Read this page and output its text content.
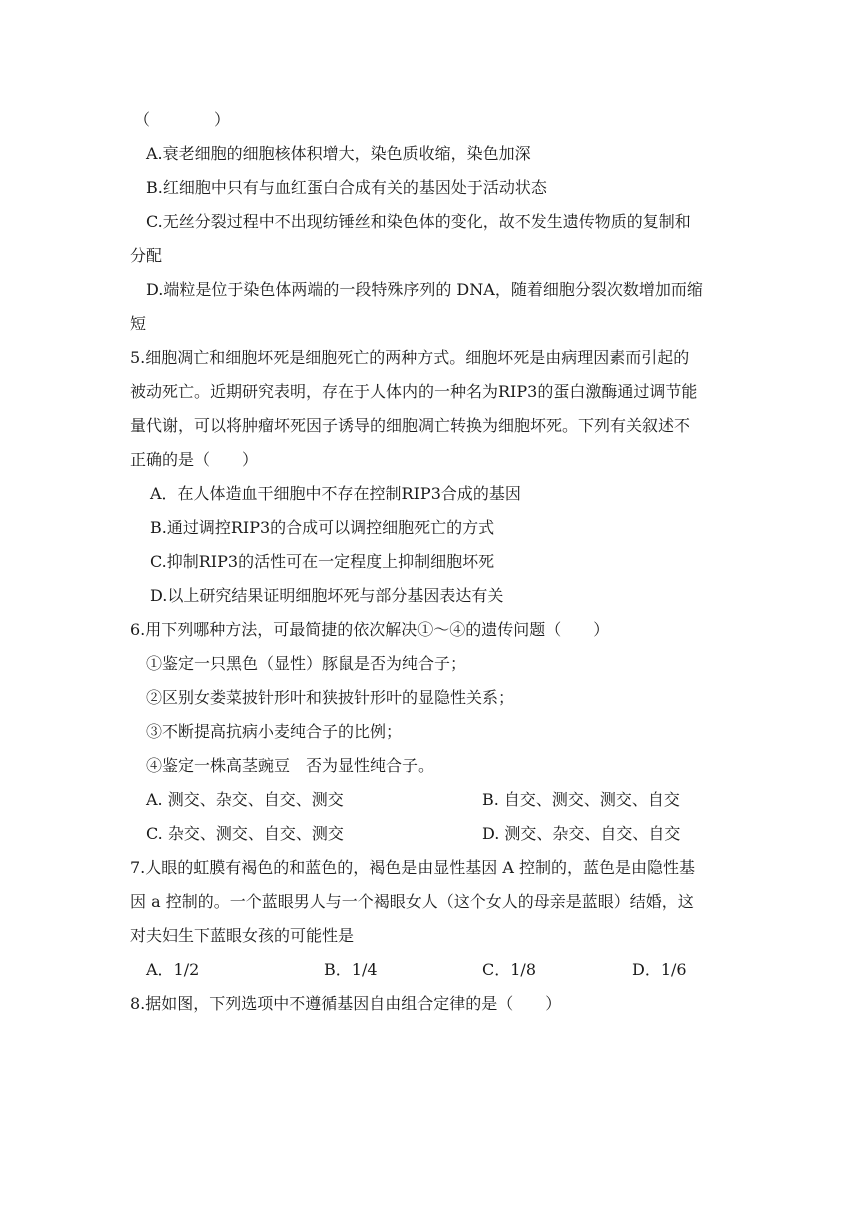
（　　　　）
A.衰老细胞的细胞核体积增大，染色质收缩，染色加深
B.红细胞中只有与血红蛋白合成有关的基因处于活动状态
C.无丝分裂过程中不出现纺锤丝和染色体的变化，故不发生遗传物质的复制和
分配
D.端粒是位于染色体两端的一段特殊序列的 DNA，随着细胞分裂次数增加而缩
短
5.细胞凋亡和细胞坏死是细胞死亡的两种方式。细胞坏死是由病理因素而引起的
被动死亡。近期研究表明，存在于人体内的一种名为RIP3的蛋白激酶通过调节能
量代谢，可以将肿瘤坏死因子诱导的细胞凋亡转换为细胞坏死。下列有关叙述不
正确的是（　　）
A．在人体造血干细胞中不存在控制RIP3合成的基因
B.通过调控RIP3的合成可以调控细胞死亡的方式
C.抑制RIP3的活性可在一定程度上抑制细胞坏死
D.以上研究结果证明细胞坏死与部分基因表达有关
6.用下列哪种方法，可最简捷的依次解决①～④的遗传问题（　　）
①鉴定一只黑色（显性）豚鼠是否为纯合子；
②区别女娄菜披针形叶和狭披针形叶的显隐性关系；
③不断提高抗病小麦纯合子的比例；
④鉴定一株高茎豌豆　否为显性纯合子。
A. 测交、杂交、自交、测交	B. 自交、测交、测交、自交
C. 杂交、测交、自交、测交	D. 测交、杂交、自交、自交
7.人眼的虹膜有褐色的和蓝色的，褐色是由显性基因 A 控制的，蓝色是由隐性基
因 a 控制的。一个蓝眼男人与一个褐眼女人（这个女人的母亲是蓝眼）结婚，这
对夫妇生下蓝眼女孩的可能性是
A．1/2	B．1/4	C．1/8	D．1/6
8.据如图，下列选项中不遵循基因自由组合定律的是（　　）
